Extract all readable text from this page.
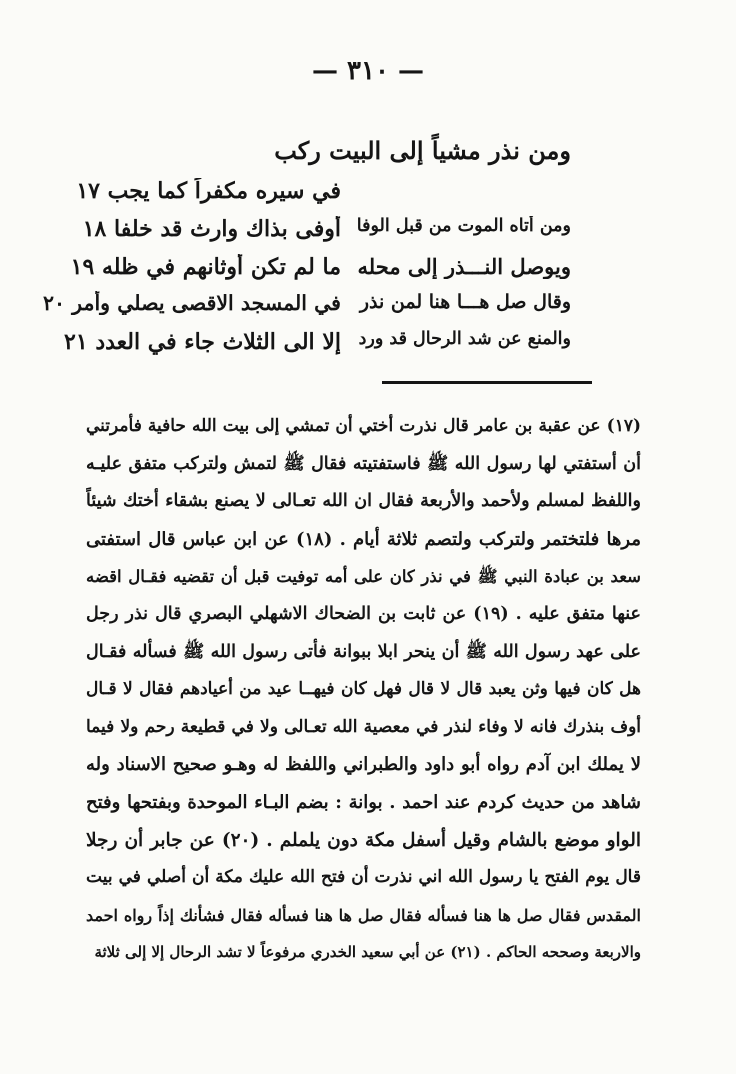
— ٣١٠ —
ومن نذر مشياً إلى البيت ركب
في سيره مكفراً كما يجب ١٧
ومن أتاه الموت من قبل الوفا
أوفى بذاك وارث قد خلفا ١٨
ويوصل النـــذر إلى محله
ما لم تكن أوثانهم في ظله ١٩
وقال صل هـــا هنا لمن نذر
في المسجد الاقصى يصلي وأمر ٢٠
والمنع عن شد الرحال قد ورد
إلا الى الثلاث جاء في العدد ٢١
(١٧) عن عقبة بن عامر قال نذرت أختي أن تمشي إلى بيت الله حافية فأمرتني
أن أستفتي لها رسول الله ﷺ فاستفتيته فقال ﷺ لتمش ولتركب متفق عليـه
واللفظ لمسلم ولأحمد والأربعة فقال ان الله تعـالى لا يصنع بشقاء أختك شيئاً
مرها فلتختمر ولتركب ولتصم ثلاثة أيام . (١٨) عن ابن عباس قال استفتى
سعد بن عبادة النبي ﷺ في نذر كان على أمه توفيت قبل أن تقضيه فقـال اقضه
عنها متفق عليه . (١٩) عن ثابت بن الضحاك الاشهلي البصري قال نذر رجل
على عهد رسول الله ﷺ أن ينحر ابلا ببوانة فأتى رسول الله ﷺ فسأله فقـال
هل كان فيها وثن يعبد قال لا قال فهل كان فيهــا عيد من أعيادهم فقال لا قـال
أوف بنذرك فانه لا وفاء لنذر في معصية الله تعـالى ولا في قطيعة رحم ولا فيما
لا يملك ابن آدم رواه أبو داود والطبراني واللفظ له وهـو صحيح الاسناد وله
شاهد من حديث كردم عند احمد . بوانة : بضم البـاء الموحدة وبفتحها وفتح
الواو موضع بالشام وقيل أسفل مكة دون يلملم . (٢٠) عن جابر أن رجلا
قال يوم الفتح يا رسول الله اني نذرت أن فتح الله عليك مكة أن أصلي في بيت
المقدس فقال صل ها هنا فسأله فقال صل ها هنا فسأله فقال فشأنك إذاً رواه احمد
والاربعة وصححه الحاكم . (٢١) عن أبي سعيد الخدري مرفوعاً لا تشد الرحال إلا إلى ثلاثة
